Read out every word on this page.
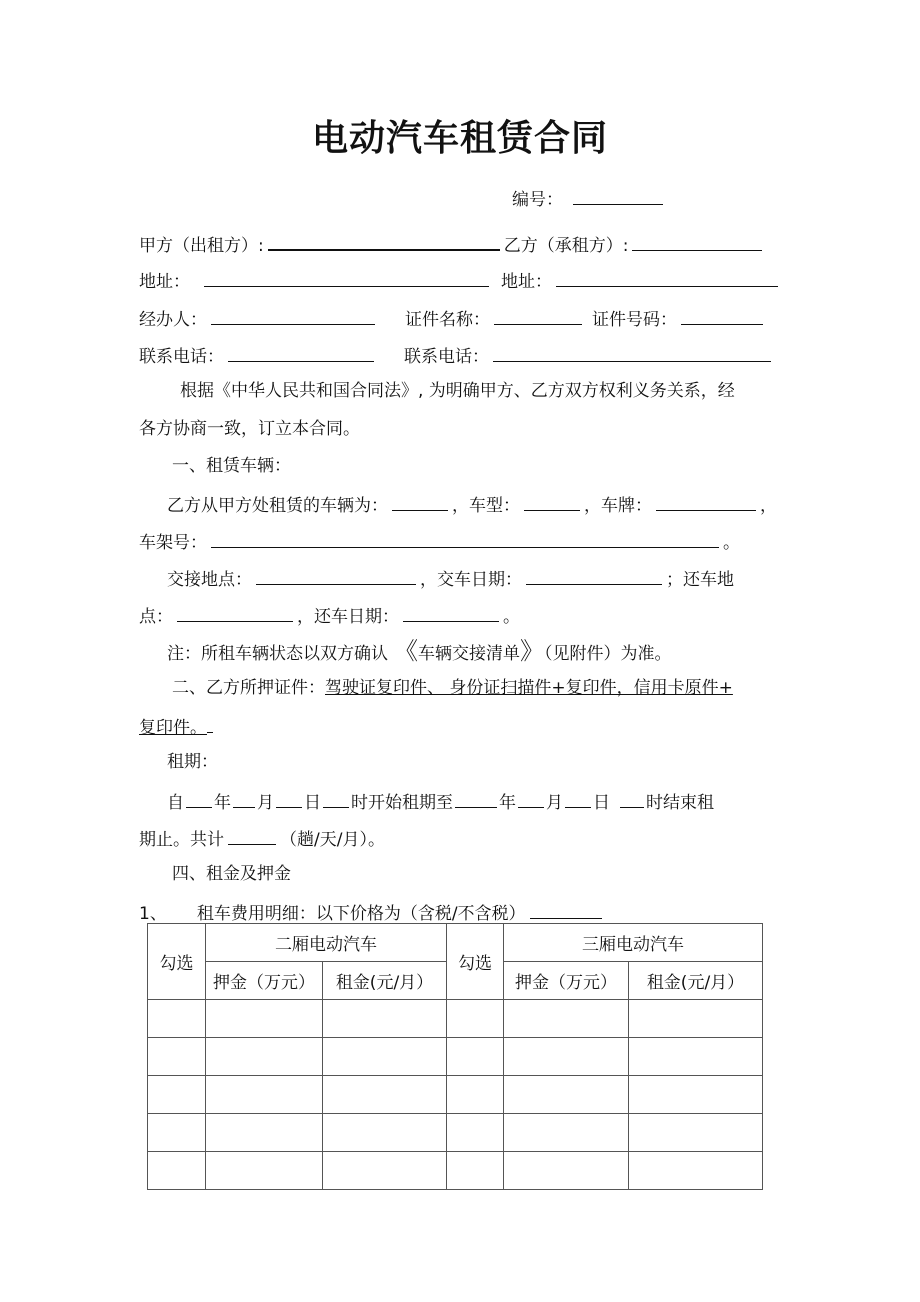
电动汽车租赁合同
编号：
甲方（出租方）:	乙方（承租方）:
地址：	地址：
经办人：	证件名称：	证件号码：
联系电话：	联系电话：
根据《中华人民共和国合同法》, 为明确甲方、乙方双方权利义务关系，经
各方协商一致，订立本合同。
一、租赁车辆：
乙方从甲方处租赁的车辆为：	，车型：	，车牌：	，
车架号：	。
交接地点：	，交车日期：	；还车地
点：	，还车日期：	。
注：所租车辆状态以双方确认 《车辆交接清单》（见附件）为准。
二、乙方所押证件：驾驶证复印件、 身份证扫描件+复印件，信用卡原件+
复印件。
租期：
自 年 月 日 时开始租期至	年 月 日 时结束租
期止。共计	（趟/天/月）。
四、租金及押金
1、 租车费用明细：以下价格为（含税/不含税）
勾选	二厢电动汽车		勾选	三厢电动汽车	
	押金（万元）	租金(元/月）		押金（万元）	租金(元/月）
